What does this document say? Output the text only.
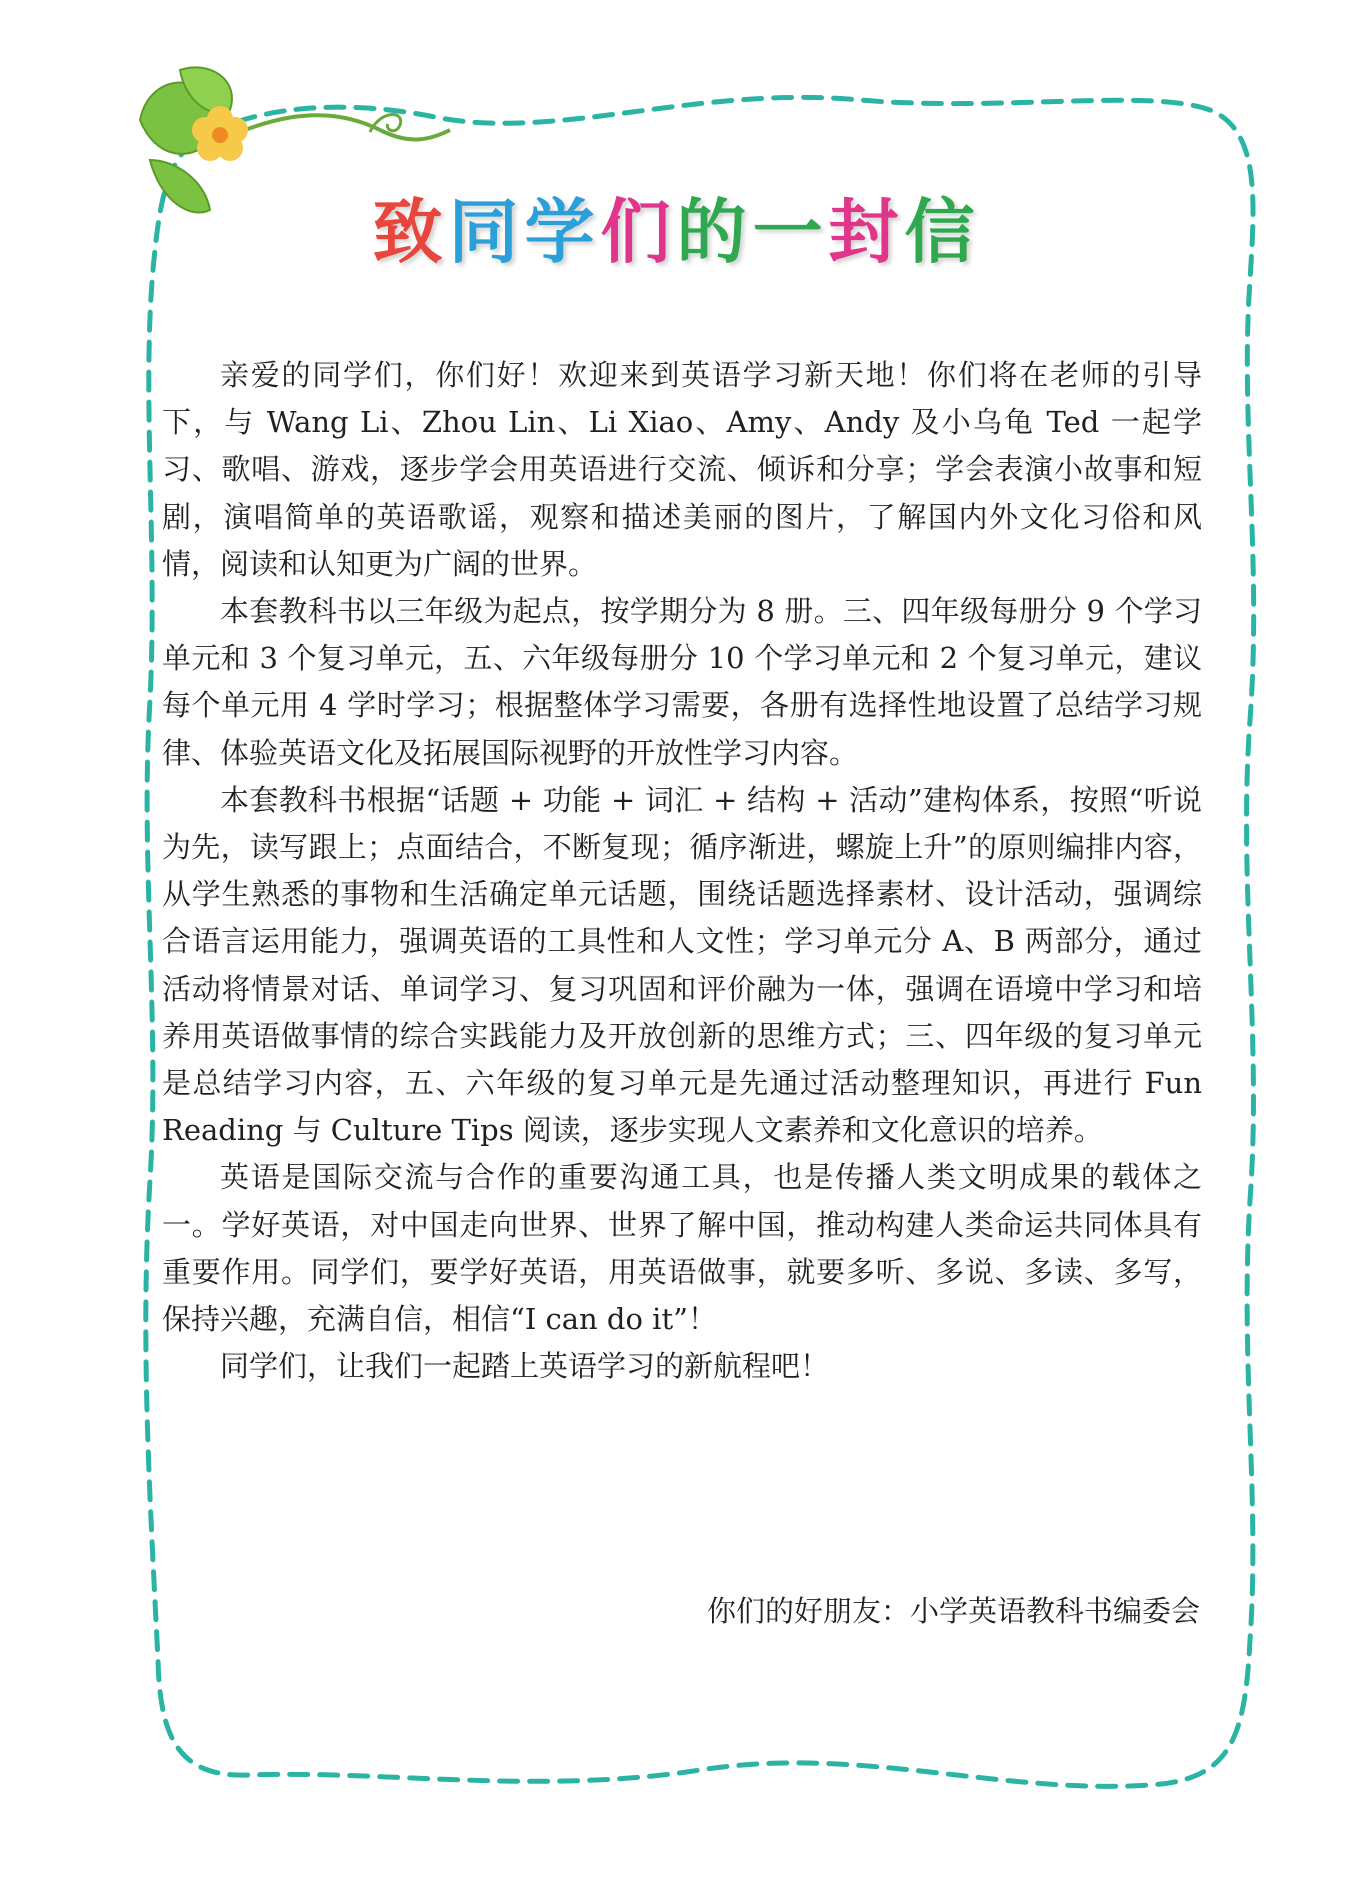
致同学们的一封信

亲爱的同学们，你们好！欢迎来到英语学习新天地！你们将在老师的引导下，与 Wang Li、Zhou Lin、Li Xiao、Amy、Andy 及小乌龟 Ted 一起学习、歌唱、游戏，逐步学会用英语进行交流、倾诉和分享；学会表演小故事和短剧，演唱简单的英语歌谣，观察和描述美丽的图片，了解国内外文化习俗和风情，阅读和认知更为广阔的世界。

本套教科书以三年级为起点，按学期分为 8 册。三、四年级每册分 9 个学习单元和 3 个复习单元，五、六年级每册分 10 个学习单元和 2 个复习单元，建议每个单元用 4 学时学习；根据整体学习需要，各册有选择性地设置了总结学习规律、体验英语文化及拓展国际视野的开放性学习内容。

本套教科书根据“话题 + 功能 + 词汇 + 结构 + 活动”建构体系，按照“听说为先，读写跟上；点面结合，不断复现；循序渐进，螺旋上升”的原则编排内容，从学生熟悉的事物和生活确定单元话题，围绕话题选择素材、设计活动，强调综合语言运用能力，强调英语的工具性和人文性；学习单元分 A、B 两部分，通过活动将情景对话、单词学习、复习巩固和评价融为一体，强调在语境中学习和培养用英语做事情的综合实践能力及开放创新的思维方式；三、四年级的复习单元是总结学习内容，五、六年级的复习单元是先通过活动整理知识，再进行 Fun Reading 与 Culture Tips 阅读，逐步实现人文素养和文化意识的培养。

英语是国际交流与合作的重要沟通工具，也是传播人类文明成果的载体之一。学好英语，对中国走向世界、世界了解中国，推动构建人类命运共同体具有重要作用。同学们，要学好英语，用英语做事，就要多听、多说、多读、多写，保持兴趣，充满自信，相信“I can do it”！

同学们，让我们一起踏上英语学习的新航程吧！

你们的好朋友：小学英语教科书编委会
